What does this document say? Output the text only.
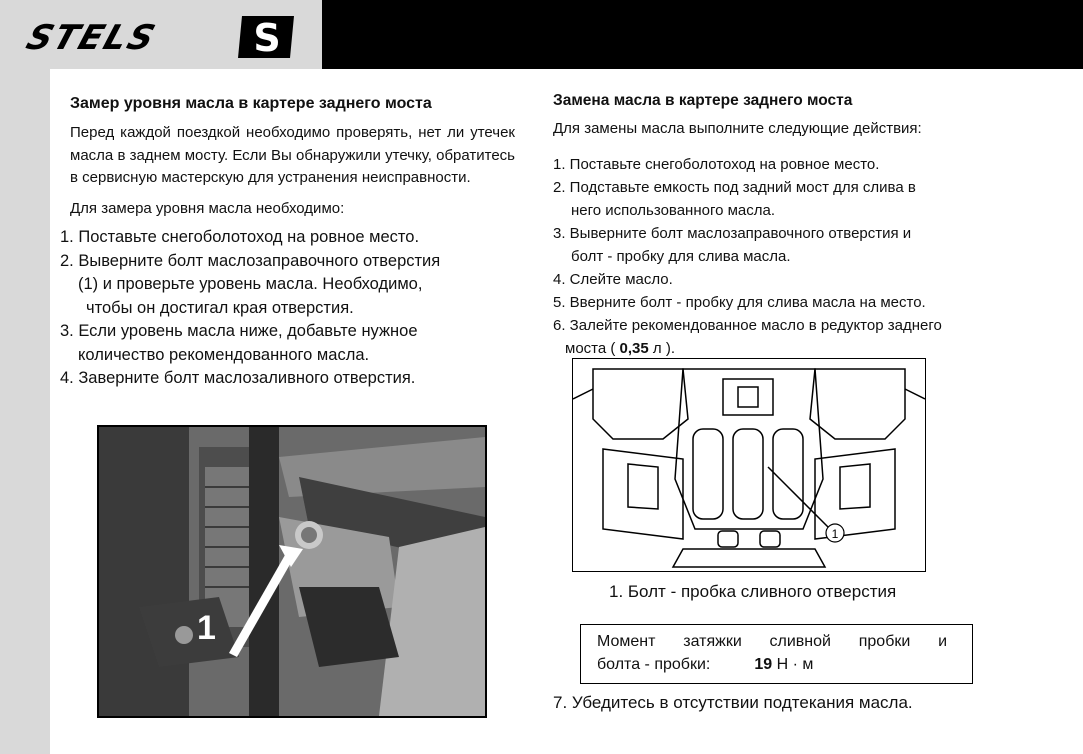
STELS S
Замер уровня масла в картере заднего моста

Перед каждой поездкой необходимо проверять, нет ли утечек масла в заднем мосту. Если Вы обнаружили утечку, обратитесь в сервисную мастерскую для устранения неисправности.

Для замера уровня масла необходимо:

1. Поставьте снегоболотоход на ровное место.
2. Выверните болт маслозаправочного отверстия

(1) и проверьте уровень масла. Необходимо,
чтобы он достигал края отверстия.
3. Если уровень масла ниже, добавьте нужное

количество рекомендованного масла.
4. Заверните болт маслозаливного отверстия.
1
Замена масла в картере заднего моста

Для замены масла выполните следующие действия:

1. Поставьте снегоболотоход на ровное место.
2. Подставьте емкость под задний мост для слива в

него использованного масла.
3. Выверните болт маслозаправочного отверстия и

болт - пробку для слива масла.
4. Слейте масло.
5. Вверните болт - пробку для слива масла на место.
6. Залейте рекомендованное масло в редуктор заднего
моста ( 0,35 л ).
1
1. Болт - пробка сливного отверстия
Момент затяжки сливной пробки и
болта - пробки:	19 Н · м
7. Убедитесь в отсутствии подтекания масла.
